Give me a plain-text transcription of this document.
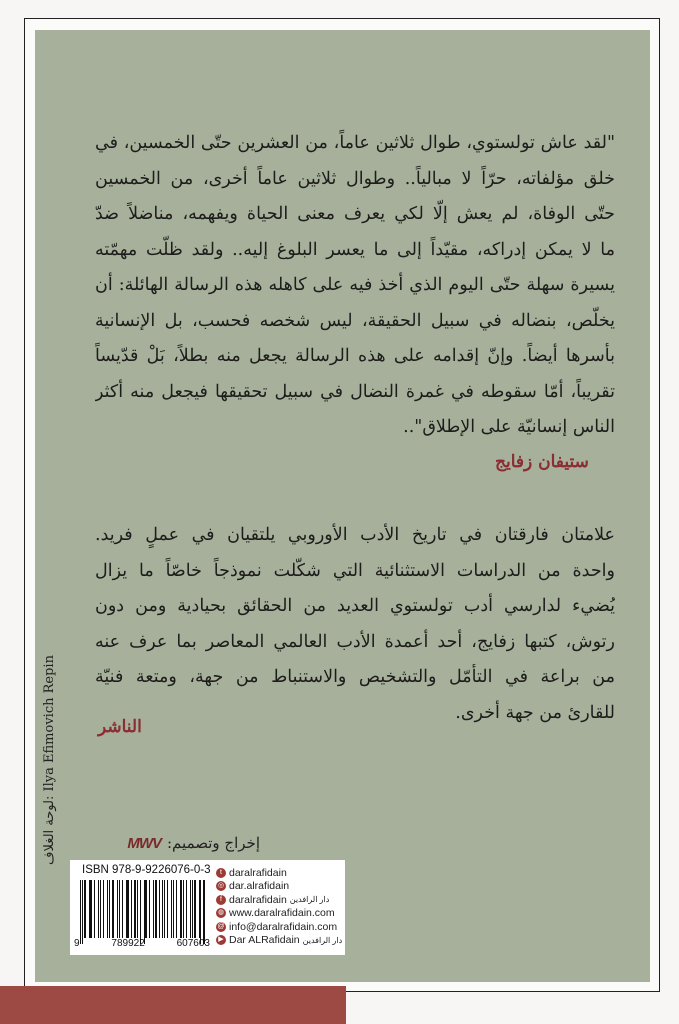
"لقد عاش تولستوي، طوال ثلاثين عاماً، من العشرين حتّى الخمسين، في
خلق مؤلفاته، حرّاً لا مبالياً.. وطوال ثلاثين عاماً أخرى، من الخمسين
حتّى الوفاة، لم يعش إلّا لكي يعرف معنى الحياة ويفهمه، مناضلاً ضدّ
ما لا يمكن إدراكه، مقيّداً إلى ما يعسر البلوغ إليه.. ولقد ظلّت مهمّته
يسيرة سهلة حتّى اليوم الذي أخذ فيه على كاهله هذه الرسالة الهائلة: أن
يخلّص، بنضاله في سبيل الحقيقة، ليس شخصه فحسب، بل الإنسانية
بأسرها أيضاً. وإنّ إقدامه على هذه الرسالة يجعل منه بطلاً، بَلْ قدّيساً
تقريباً، أمّا سقوطه في غمرة النضال في سبيل تحقيقها فيجعل منه أكثر
الناس إنسانيّة على الإطلاق"..
ستيفان زفايج
علامتان فارقتان في تاريخ الأدب الأوروبي يلتقيان في عملٍ فريد.
واحدة من الدراسات الاستثنائية التي شكّلت نموذجاً خاصّاً ما يزال
يُضيء لدارسي أدب تولستوي العديد من الحقائق بحيادية ومن دون
رتوش، كتبها زفايج، أحد أعمدة الأدب العالمي المعاصر بما عرف عنه
من براعة في التأمّل والتشخيص والاستنباط من جهة، ومتعة فنيّة
للقارئ من جهة أخرى.
الناشر
لوحة الغلاف: Ilya Efimovich Repin
إخراج وتصميم:
MWV
ISBN 978-9-9226076-0-3
9	789922	607603
t daralrafidain
◎ dar.alrafidain
f daralrafidain دار الرافدين
◍ www.daralrafidain.com
@ info@daralrafidain.com
▶ Dar ALRafidain دار الرافدين
